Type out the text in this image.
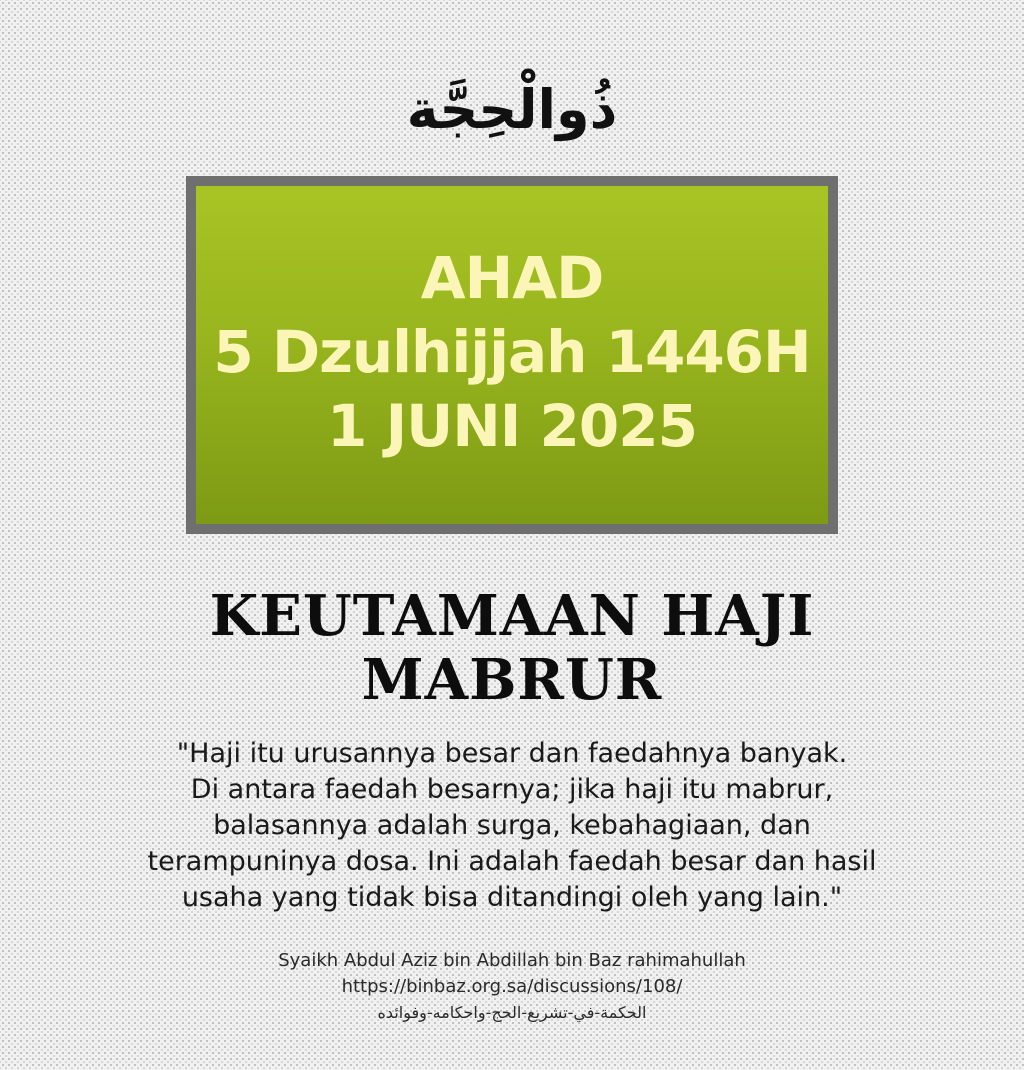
ذُوالْحِجَّة
AHAD
5 Dzulhijjah 1446H
1 JUNI 2025
KEUTAMAAN HAJI
MABRUR
"Haji itu urusannya besar dan faedahnya banyak.
Di antara faedah besarnya; jika haji itu mabrur,
balasannya adalah surga, kebahagiaan, dan
terampuninya dosa. Ini adalah faedah besar dan hasil
usaha yang tidak bisa ditandingi oleh yang lain."
Syaikh Abdul Aziz bin Abdillah bin Baz rahimahullah
https://binbaz.org.sa/discussions/108/
الحكمة-في-تشريع-الحج-واحكامه-وفوائده
